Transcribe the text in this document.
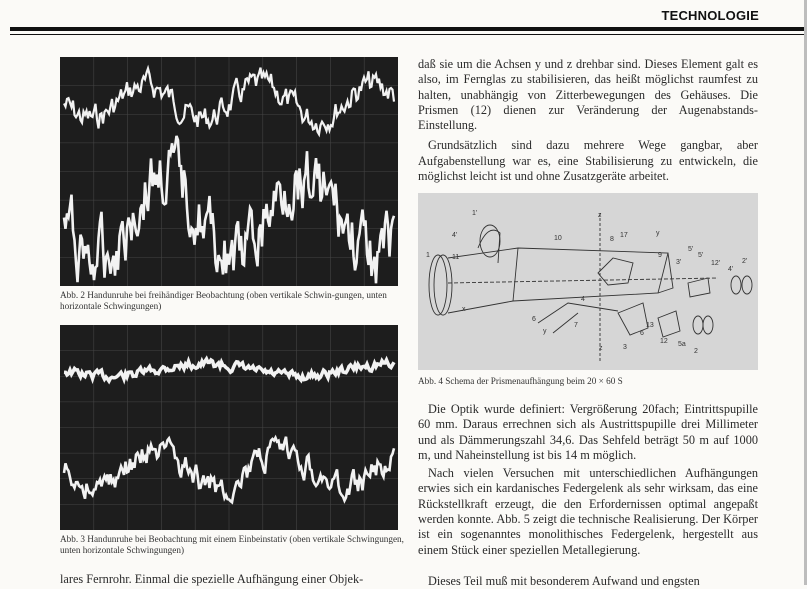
TECHNOLOGIE
Abb. 2 Handunruhe bei freihändiger Beobachtung (oben vertikale Schwin-gungen, unten horizontale Schwingungen)
Abb. 3 Handunruhe bei Beobachtung mit einem Einbeinstativ (oben vertikale Schwingungen, unten horizontale Schwingungen)

daß sie um die Achsen y und z drehbar sind. Dieses Element galt es also, im Fernglas zu stabilisieren, das heißt möglichst raumfest zu halten, unabhängig von Zitterbewegungen des Gehäuses. Die Prismen (12) dienen zur Veränderung der Augenabstands-Einstellung.

Grundsätzlich sind dazu mehrere Wege gangbar, aber Aufgabenstellung war es, eine Stabilisierung zu entwickeln, die möglichst leicht ist und ohne Zusatzgeräte arbeitet.

1
1'
4'
11
10
z
8
17	y
9
3'
5'
12'
4'
2'
5'
6
y
7
4
6
13
3
12 5a
2
z
x
Abb. 4 Schema der Prismenaufhängung beim 20 × 60 S

Die Optik wurde definiert: Vergrößerung 20fach; Eintrittspupille 60 mm. Daraus errechnen sich als Austrittspupille drei Millimeter und als Dämmerungszahl 34,6. Das Sehfeld beträgt 50 m auf 1000 m, und Naheinstellung ist bis 14 m möglich.

Nach vielen Versuchen mit unterschiedlichen Aufhängungen erwies sich ein kardanisches Federgelenk als sehr wirksam, das eine Rückstellkraft erzeugt, die den Erfordernissen optimal angepaßt werden konnte. Abb. 5 zeigt die technische Realisierung. Der Körper ist ein sogenanntes monolithisches Federgelenk, hergestellt aus einem Stück einer speziellen Metallegierung.

lares Fernrohr. Einmal die spezielle Aufhängung einer Objek-	Dieses Teil muß mit besonderem Aufwand und engsten
